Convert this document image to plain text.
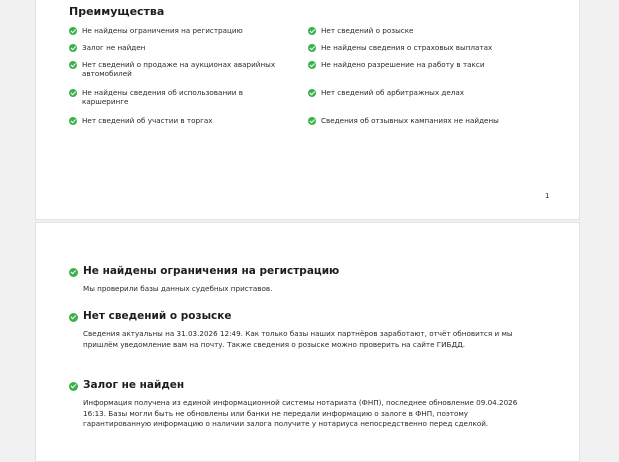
Преимущества
Не найдены ограничения на регистрацию
Залог не найден
Нет сведений о продаже на аукционах аварийных автомобилей
Не найдены сведения об использовании в каршеринге
Нет сведений об участии в торгах
Нет сведений о розыске
Не найдены сведения о страховых выплатах
Не найдено разрешение на работу в такси
Нет сведений об арбитражных делах
Сведения об отзывных кампаниях не найдены
1
Не найдены ограничения на регистрацию
Мы проверили базы данных судебных приставов.
Нет сведений о розыске
Сведения актуальны на 31.03.2026 12:49. Как только базы наших партнёров заработают, отчёт обновится и мы пришлём уведомление вам на почту. Также сведения о розыске можно проверить на сайте ГИБДД.
Залог не найден
Информация получена из единой информационной системы нотариата (ФНП), последнее обновление 09.04.2026 16:13. Базы могли быть не обновлены или банки не передали информацию о залоге в ФНП, поэтому гарантированную информацию о наличии залога получите у нотариуса непосредственно перед сделкой.
